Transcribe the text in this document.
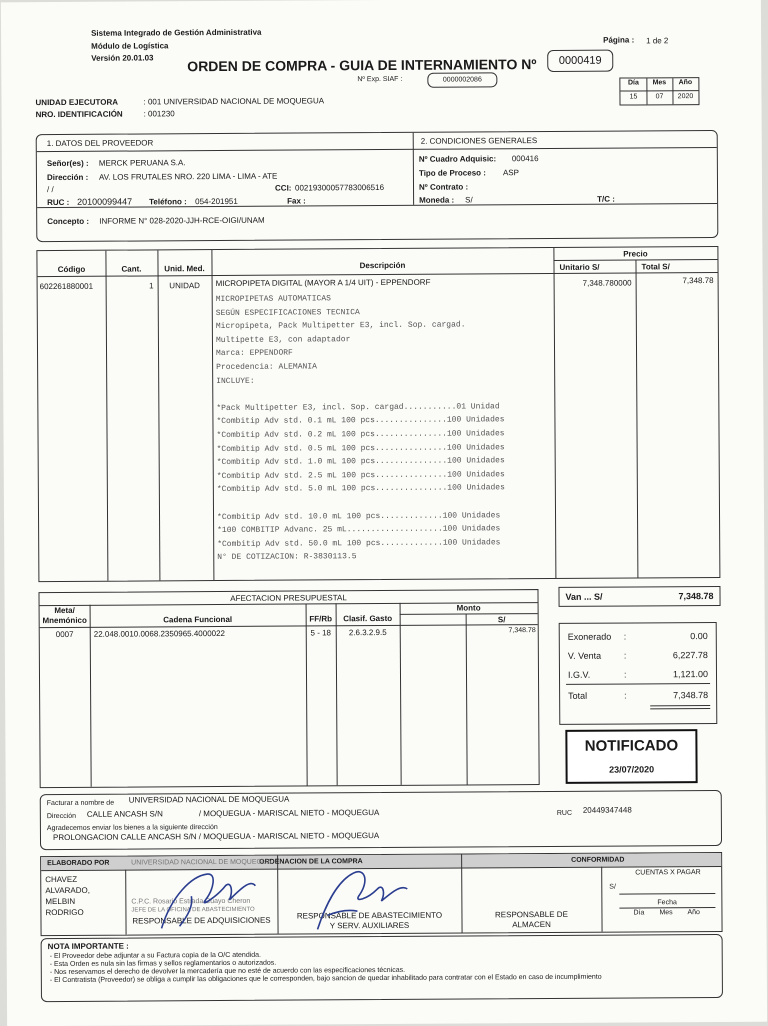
Sistema Integrado de Gestión Administrativa
Módulo de Logística
Versión 20.01.03
Página : 1 de 2
ORDEN DE COMPRA - GUIA DE INTERNAMIENTO Nº	0000419
Nº Exp. SIAF :	0000002086	Día	Mes	Año
15	07	2020
UNIDAD EJECUTORA	: 001 UNIVERSIDAD NACIONAL DE MOQUEGUA
NRO. IDENTIFICACIÓN	: 001230
1. DATOS DEL PROVEEDOR	2. CONDICIONES GENERALES
Señor(es) : MERCK PERUANA S.A.
Dirección : AV. LOS FRUTALES NRO. 220 LIMA - LIMA - ATE
/ /	CCI: 00219300057783006516
RUC : 20100099447 Teléfono : 054-201951	Fax :
Nº Cuadro Adquisic: 000416
Tipo de Proceso : ASP
Nº Contrato :
Moneda : S/	T/C :
Concepto : INFORME N° 028-2020-JJH-RCE-OIGI/UNAM
Código	Cant.	Unid. Med.	Descripción
Precio
Unitario S/	Total S/
602261880001	1	UNIDAD	MICROPIPETA DIGITAL (MAYOR A 1/4 UIT) - EPPENDORF	7,348.780000	7,348.78
MICROPIPETAS AUTOMATICAS
SEGÚN ESPECIFICACIONES TECNICA
Micropipeta, Pack Multipetter E3, incl. Sop. cargad.
Multipette E3, con adaptador
Marca: EPPENDORF
Procedencia: ALEMANIA
INCLUYE:
*Pack Multipetter E3, incl. Sop. cargad...........01 Unidad
*Combitip Adv std. 0.1 mL 100 pcs...............100 Unidades
*Combitip Adv std. 0.2 mL 100 pcs...............100 Unidades
*Combitip Adv std. 0.5 mL 100 pcs...............100 Unidades
*Combitip Adv std. 1.0 mL 100 pcs...............100 Unidades
*Combitip Adv std. 2.5 mL 100 pcs...............100 Unidades
*Combitip Adv std. 5.0 mL 100 pcs...............100 Unidades
*Combitip Adv std. 10.0 mL 100 pcs.............100 Unidades
*100 COMBITIP Advanc. 25 mL....................100 Unidades
*Combitip Adv std. 50.0 mL 100 pcs.............100 Unidades
N° DE COTIZACION: R-3830113.5
AFECTACION PRESUPUESTAL
Meta/
Mnemónico	Cadena Funcional	FF/Rb	Clasif. Gasto
Monto
S/
0007	22.048.0010.0068.2350965.4000022	5 - 18	2.6.3.2.9.5	7,348.78
Van ... S/	7,348.78
Exonerado :	0.00
V. Venta	:	6,227.78
I.G.V.	:	1,121.00
Total	:	7,348.78
NOTIFICADO
23/07/2020
Facturar a nombre de UNIVERSIDAD NACIONAL DE MOQUEGUA
Dirección CALLE ANCASH S/N	/ MOQUEGUA - MARISCAL NIETO - MOQUEGUA	RUC 20449347448
Agradecemos enviar los bienes a la siguiente dirección
PROLONGACION CALLE ANCASH S/N / MOQUEGUA - MARISCAL NIETO - MOQUEGUA
ELABORADO POR	ORDENACION DE LA COMPRA	CONFORMIDAD
CHAVEZ
ALVARADO,
MELBIN
RODRIGO
UNIVERSIDAD NACIONAL DE MOQUEGUA
C.P.C. Rosario Estrada Cuayo Cheron
JEFE DE LA OFICINA DE ABASTECIMIENTO
RESPONSABLE DE ADQUISICIONES
RESPONSABLE DE ABASTECIMIENTO
Y SERV. AUXILIARES
RESPONSABLE DE
ALMACEN
CUENTAS X PAGAR
S/
Fecha
Día Mes Año
NOTA IMPORTANTE :
- El Proveedor debe adjuntar a su Factura copia de la O/C atendida.
- Esta Orden es nula sin las firmas y sellos reglamentarios o autorizados.
- Nos reservamos el derecho de devolver la mercadería que no esté de acuerdo con las especificaciones técnicas.
- El Contratista (Proveedor) se obliga a cumplir las obligaciones que le corresponden, bajo sancion de quedar inhabilitado para contratar con el Estado en caso de incumplimiento
